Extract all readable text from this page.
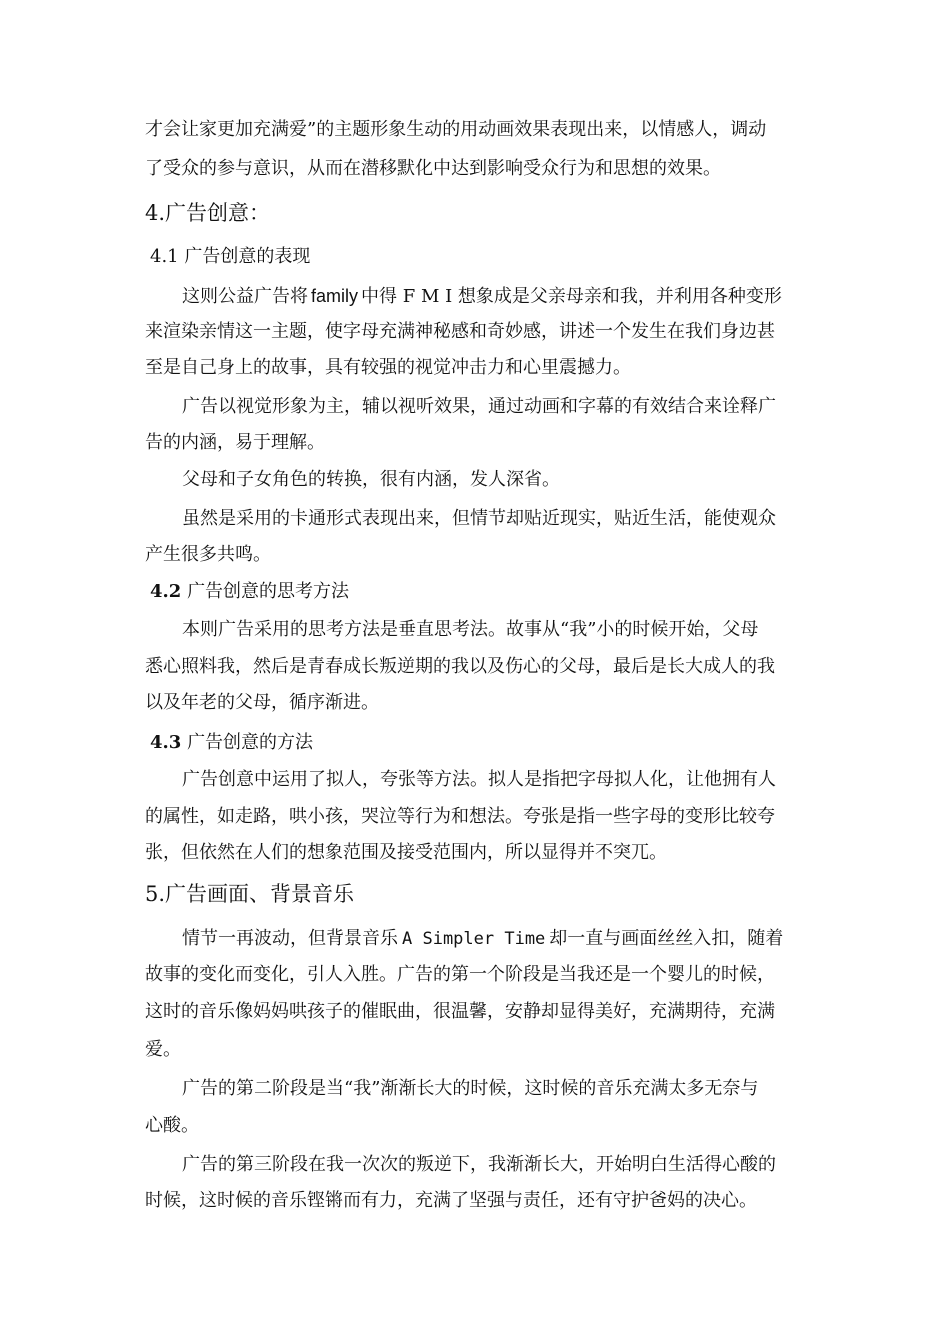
才会让家更加充满爱”的主题形象生动的用动画效果表现出来，以情感人，调动
了受众的参与意识，从而在潜移默化中达到影响受众行为和思想的效果。
4.广告创意：
4.1 广告创意的表现
这则公益广告将 family 中得 F M I 想象成是父亲母亲和我，并利用各种变形
来渲染亲情这一主题，使字母充满神秘感和奇妙感，讲述一个发生在我们身边甚
至是自己身上的故事，具有较强的视觉冲击力和心里震撼力。
广告以视觉形象为主，辅以视听效果，通过动画和字幕的有效结合来诠释广
告的内涵，易于理解。
父母和子女角色的转换，很有内涵，发人深省。
虽然是采用的卡通形式表现出来，但情节却贴近现实，贴近生活，能使观众
产生很多共鸣。
4.2 广告创意的思考方法
本则广告采用的思考方法是垂直思考法。故事从“我”小的时候开始，父母
悉心照料我，然后是青春成长叛逆期的我以及伤心的父母，最后是长大成人的我
以及年老的父母，循序渐进。
4.3 广告创意的方法
广告创意中运用了拟人，夸张等方法。拟人是指把字母拟人化，让他拥有人
的属性，如走路，哄小孩，哭泣等行为和想法。夸张是指一些字母的变形比较夸
张，但依然在人们的想象范围及接受范围内，所以显得并不突兀。
5.广告画面、背景音乐
情节一再波动，但背景音乐 A Simpler Time 却一直与画面丝丝入扣，随着
故事的变化而变化，引人入胜。广告的第一个阶段是当我还是一个婴儿的时候，
这时的音乐像妈妈哄孩子的催眠曲，很温馨，安静却显得美好，充满期待，充满
爱。
广告的第二阶段是当“我”渐渐长大的时候，这时候的音乐充满太多无奈与
心酸。
广告的第三阶段在我一次次的叛逆下，我渐渐长大，开始明白生活得心酸的
时候，这时候的音乐铿锵而有力，充满了坚强与责任，还有守护爸妈的决心。
